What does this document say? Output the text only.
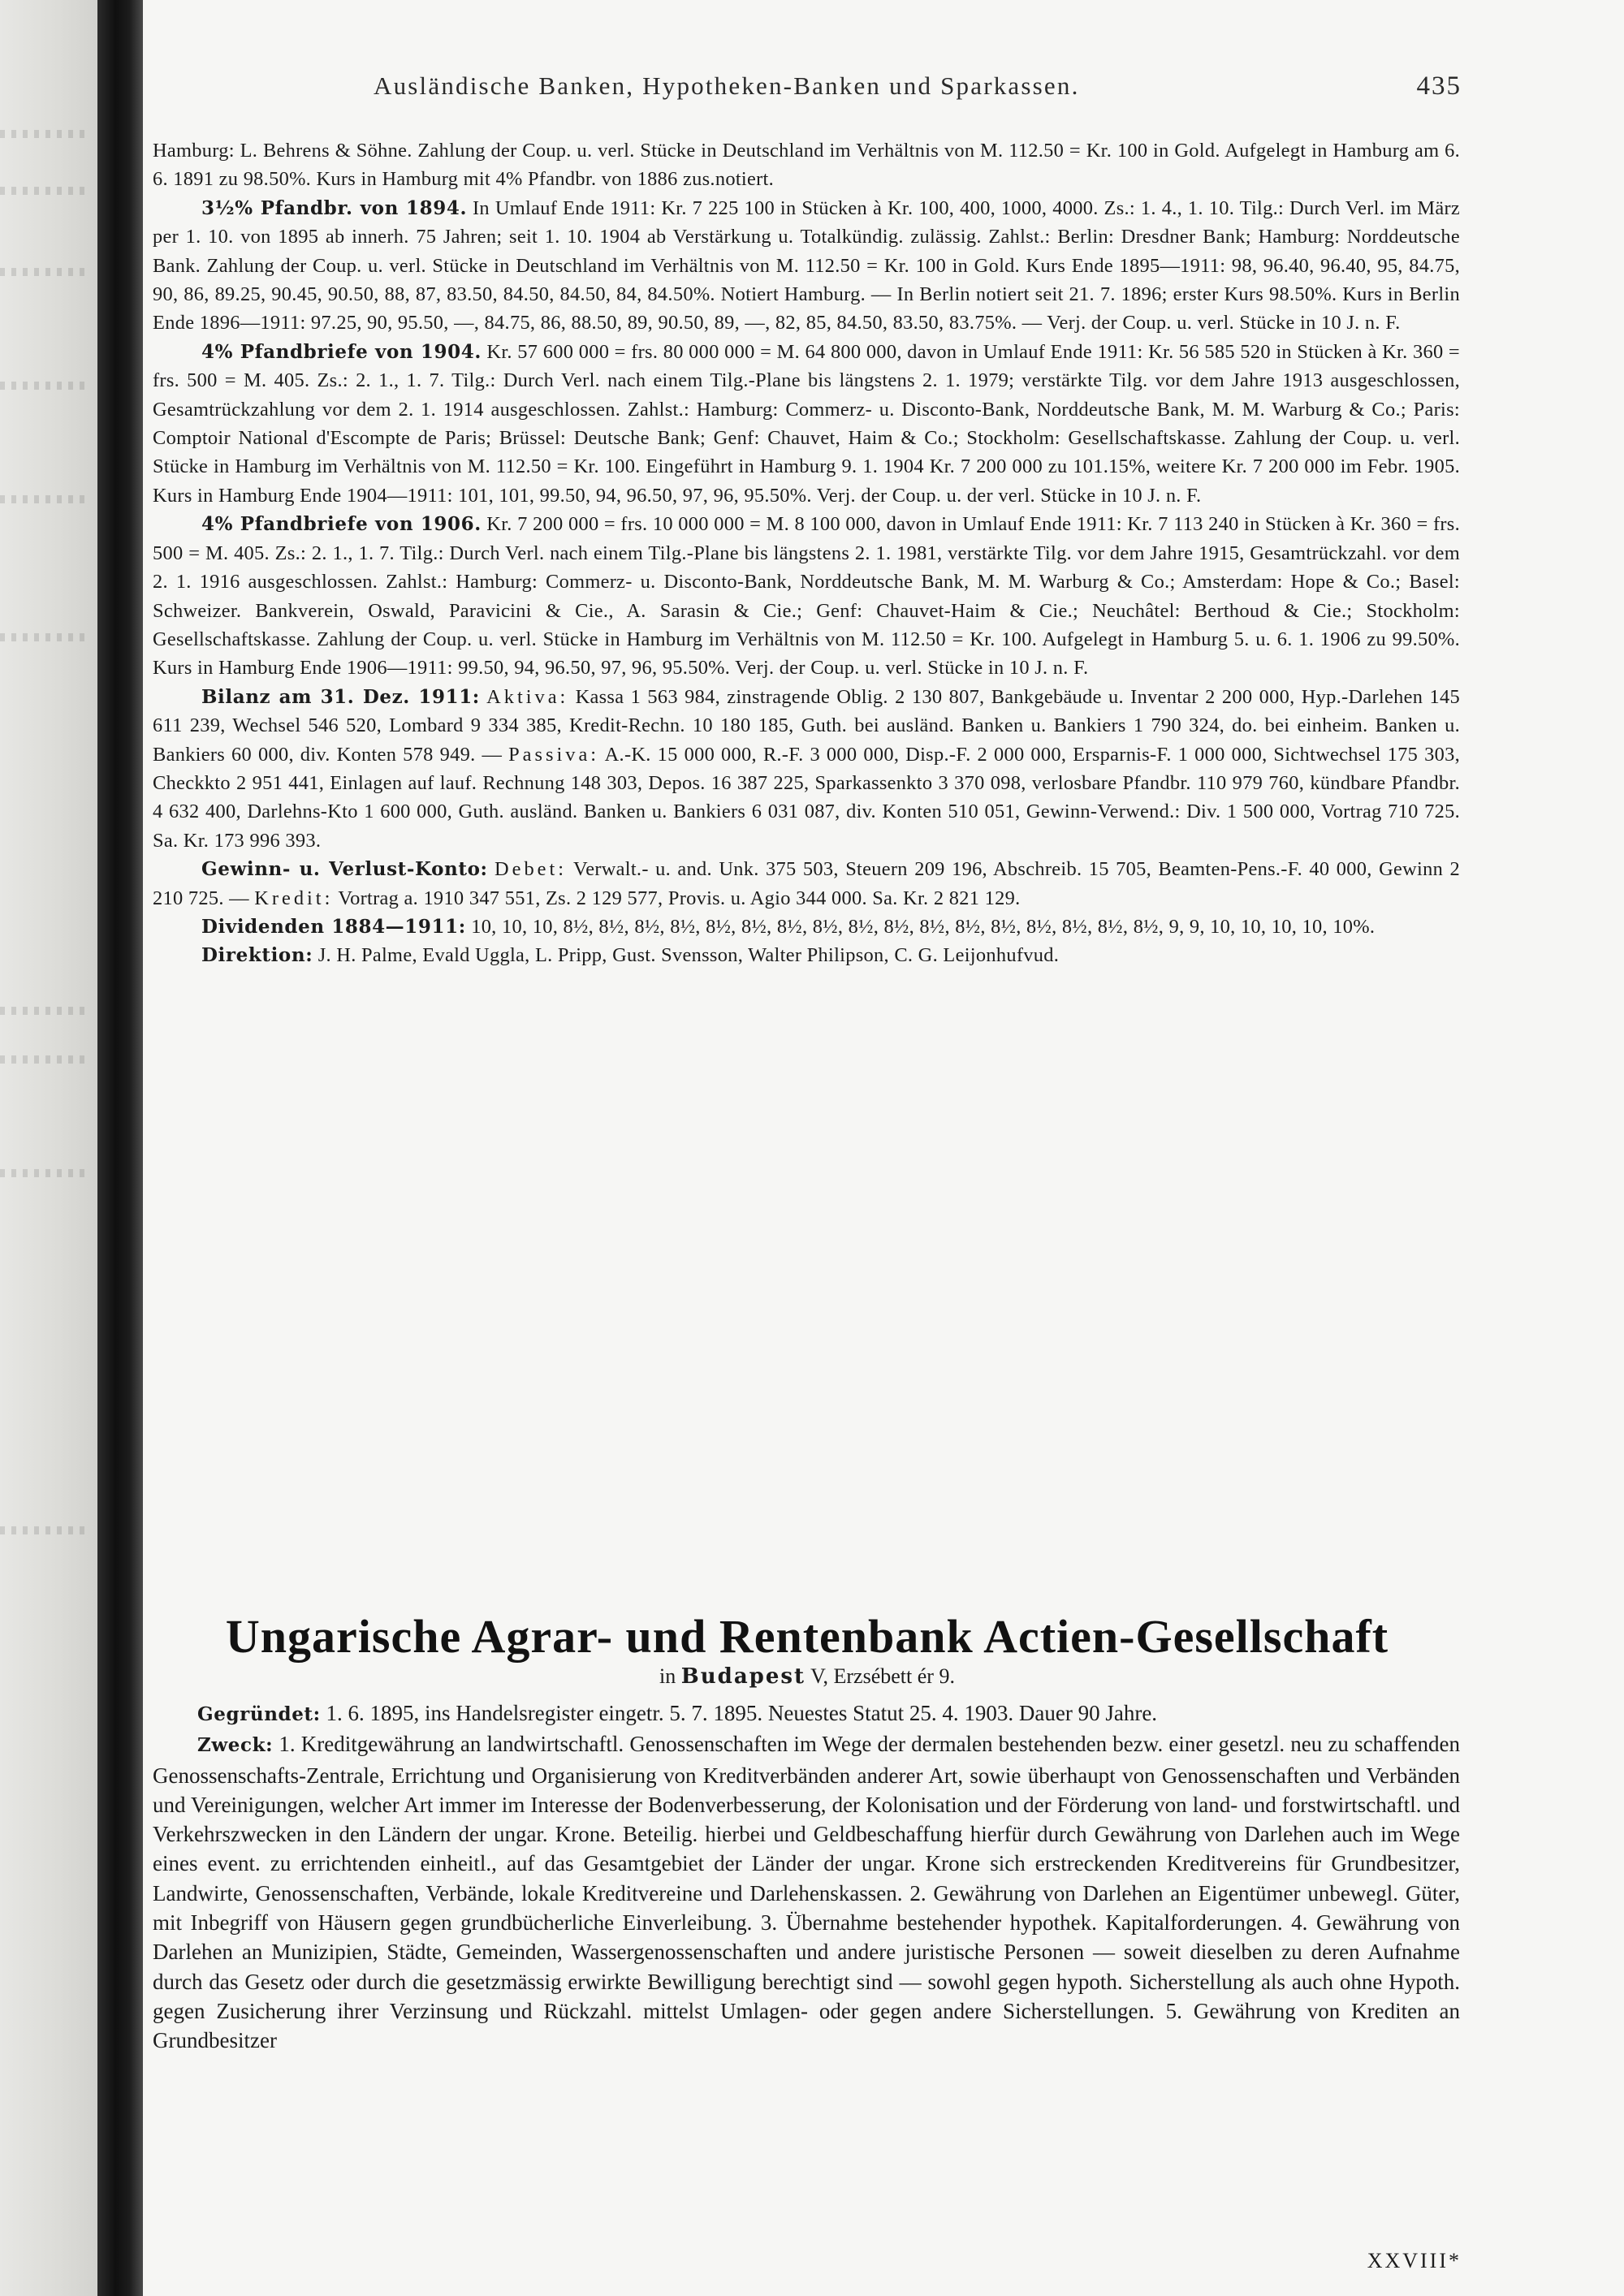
Ausländische Banken, Hypotheken-Banken und Sparkassen.	435

Hamburg: L. Behrens & Söhne. Zahlung der Coup. u. verl. Stücke in Deutschland im Verhältnis von M. 112.50 = Kr. 100 in Gold. Aufgelegt in Hamburg am 6. 6. 1891 zu 98.50%. Kurs in Hamburg mit 4% Pfandbr. von 1886 zus.notiert.

3½% Pfandbr. von 1894. In Umlauf Ende 1911: Kr. 7 225 100 in Stücken à Kr. 100, 400, 1000, 4000. Zs.: 1. 4., 1. 10. Tilg.: Durch Verl. im März per 1. 10. von 1895 ab innerh. 75 Jahren; seit 1. 10. 1904 ab Verstärkung u. Totalkündig. zulässig. Zahlst.: Berlin: Dresdner Bank; Hamburg: Norddeutsche Bank. Zahlung der Coup. u. verl. Stücke in Deutschland im Verhältnis von M. 112.50 = Kr. 100 in Gold. Kurs Ende 1895—1911: 98, 96.40, 96.40, 95, 84.75, 90, 86, 89.25, 90.45, 90.50, 88, 87, 83.50, 84.50, 84.50, 84, 84.50%. Notiert Hamburg. — In Berlin notiert seit 21. 7. 1896; erster Kurs 98.50%. Kurs in Berlin Ende 1896—1911: 97.25, 90, 95.50, —, 84.75, 86, 88.50, 89, 90.50, 89, —, 82, 85, 84.50, 83.50, 83.75%. — Verj. der Coup. u. verl. Stücke in 10 J. n. F.

4% Pfandbriefe von 1904. Kr. 57 600 000 = frs. 80 000 000 = M. 64 800 000, davon in Umlauf Ende 1911: Kr. 56 585 520 in Stücken à Kr. 360 = frs. 500 = M. 405. Zs.: 2. 1., 1. 7. Tilg.: Durch Verl. nach einem Tilg.-Plane bis längstens 2. 1. 1979; verstärkte Tilg. vor dem Jahre 1913 ausgeschlossen, Gesamtrückzahlung vor dem 2. 1. 1914 ausgeschlossen. Zahlst.: Hamburg: Commerz- u. Disconto-Bank, Norddeutsche Bank, M. M. Warburg & Co.; Paris: Comptoir National d'Escompte de Paris; Brüssel: Deutsche Bank; Genf: Chauvet, Haim & Co.; Stockholm: Gesellschaftskasse. Zahlung der Coup. u. verl. Stücke in Hamburg im Verhältnis von M. 112.50 = Kr. 100. Eingeführt in Hamburg 9. 1. 1904 Kr. 7 200 000 zu 101.15%, weitere Kr. 7 200 000 im Febr. 1905. Kurs in Hamburg Ende 1904—1911: 101, 101, 99.50, 94, 96.50, 97, 96, 95.50%. Verj. der Coup. u. der verl. Stücke in 10 J. n. F.

4% Pfandbriefe von 1906. Kr. 7 200 000 = frs. 10 000 000 = M. 8 100 000, davon in Umlauf Ende 1911: Kr. 7 113 240 in Stücken à Kr. 360 = frs. 500 = M. 405. Zs.: 2. 1., 1. 7. Tilg.: Durch Verl. nach einem Tilg.-Plane bis längstens 2. 1. 1981, verstärkte Tilg. vor dem Jahre 1915, Gesamtrückzahl. vor dem 2. 1. 1916 ausgeschlossen. Zahlst.: Hamburg: Commerz- u. Disconto-Bank, Norddeutsche Bank, M. M. Warburg & Co.; Amsterdam: Hope & Co.; Basel: Schweizer. Bankverein, Oswald, Paravicini & Cie., A. Sarasin & Cie.; Genf: Chauvet-Haim & Cie.; Neuchâtel: Berthoud & Cie.; Stockholm: Gesellschaftskasse. Zahlung der Coup. u. verl. Stücke in Hamburg im Verhältnis von M. 112.50 = Kr. 100. Aufgelegt in Hamburg 5. u. 6. 1. 1906 zu 99.50%. Kurs in Hamburg Ende 1906—1911: 99.50, 94, 96.50, 97, 96, 95.50%. Verj. der Coup. u. verl. Stücke in 10 J. n. F.

Bilanz am 31. Dez. 1911: Aktiva: Kassa 1 563 984, zinstragende Oblig. 2 130 807, Bankgebäude u. Inventar 2 200 000, Hyp.-Darlehen 145 611 239, Wechsel 546 520, Lombard 9 334 385, Kredit-Rechn. 10 180 185, Guth. bei ausländ. Banken u. Bankiers 1 790 324, do. bei einheim. Banken u. Bankiers 60 000, div. Konten 578 949. — Passiva: A.-K. 15 000 000, R.-F. 3 000 000, Disp.-F. 2 000 000, Ersparnis-F. 1 000 000, Sichtwechsel 175 303, Checkkto 2 951 441, Einlagen auf lauf. Rechnung 148 303, Depos. 16 387 225, Sparkassenkto 3 370 098, verlosbare Pfandbr. 110 979 760, kündbare Pfandbr. 4 632 400, Darlehns-Kto 1 600 000, Guth. ausländ. Banken u. Bankiers 6 031 087, div. Konten 510 051, Gewinn-Verwend.: Div. 1 500 000, Vortrag 710 725. Sa. Kr. 173 996 393.

Gewinn- u. Verlust-Konto: Debet: Verwalt.- u. and. Unk. 375 503, Steuern 209 196, Abschreib. 15 705, Beamten-Pens.-F. 40 000, Gewinn 2 210 725. — Kredit: Vortrag a. 1910 347 551, Zs. 2 129 577, Provis. u. Agio 344 000. Sa. Kr. 2 821 129.

Dividenden 1884—1911: 10, 10, 10, 8½, 8½, 8½, 8½, 8½, 8½, 8½, 8½, 8½, 8½, 8½, 8½, 8½, 8½, 8½, 8½, 8½, 9, 9, 10, 10, 10, 10, 10%.

Direktion: J. H. Palme, Evald Uggla, L. Pripp, Gust. Svensson, Walter Philipson, C. G. Leijonhufvud.

Ungarische Agrar- und Rentenbank Actien-Gesellschaft
in Budapest V, Erzsébett ér 9.

Gegründet: 1. 6. 1895, ins Handelsregister eingetr. 5. 7. 1895. Neuestes Statut 25. 4. 1903. Dauer 90 Jahre.

Zweck: 1. Kreditgewährung an landwirtschaftl. Genossenschaften im Wege der dermalen bestehenden bezw. einer gesetzl. neu zu schaffenden Genossenschafts-Zentrale, Errichtung und Organisierung von Kreditverbänden anderer Art, sowie überhaupt von Genossenschaften und Verbänden und Vereinigungen, welcher Art immer im Interesse der Bodenverbesserung, der Kolonisation und der Förderung von land- und forstwirtschaftl. und Verkehrszwecken in den Ländern der ungar. Krone. Beteilig. hierbei und Geldbeschaffung hierfür durch Gewährung von Darlehen auch im Wege eines event. zu errichtenden einheitl., auf das Gesamtgebiet der Länder der ungar. Krone sich erstreckenden Kreditvereins für Grundbesitzer, Landwirte, Genossenschaften, Verbände, lokale Kreditvereine und Darlehenskassen. 2. Gewährung von Darlehen an Eigentümer unbewegl. Güter, mit Inbegriff von Häusern gegen grundbücherliche Einverleibung. 3. Übernahme bestehender hypothek. Kapitalforderungen. 4. Gewährung von Darlehen an Munizipien, Städte, Gemeinden, Wassergenossenschaften und andere juristische Personen — soweit dieselben zu deren Aufnahme durch das Gesetz oder durch die gesetzmässig erwirkte Bewilligung berechtigt sind — sowohl gegen hypoth. Sicherstellung als auch ohne Hypoth. gegen Zusicherung ihrer Verzinsung und Rückzahl. mittelst Umlagen- oder gegen andere Sicherstellungen. 5. Gewährung von Krediten an Grundbesitzer

XXVIII*
